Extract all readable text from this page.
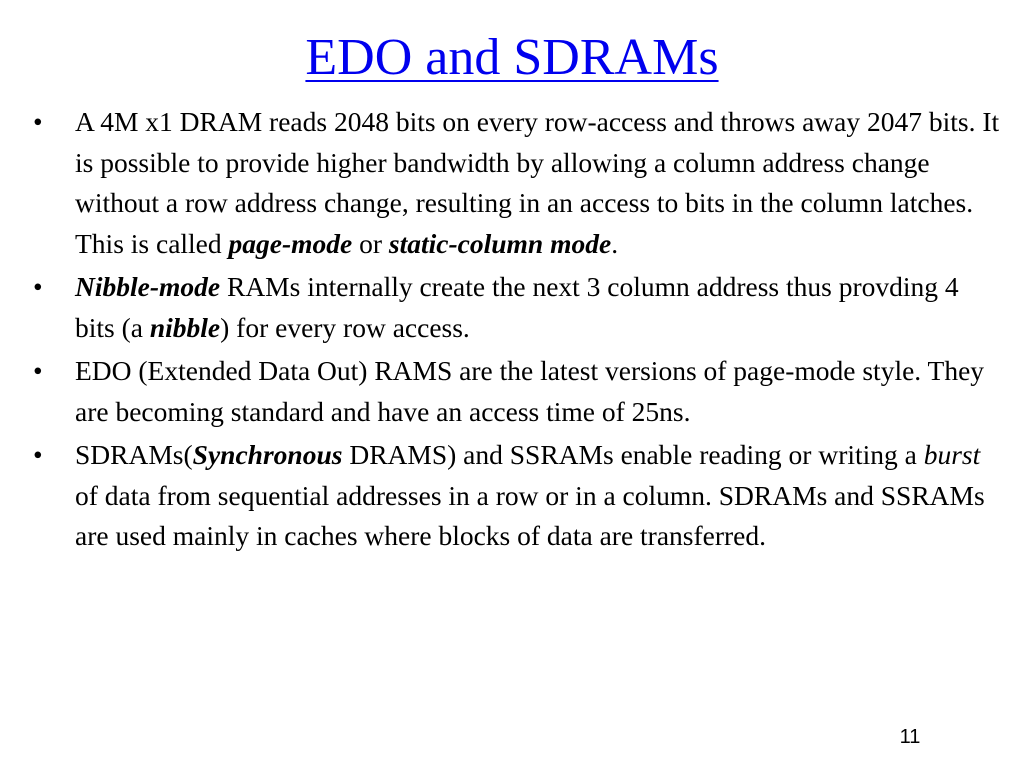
EDO and SDRAMs
• A 4M x1 DRAM reads 2048 bits on every row-access and throws away 2047 bits. It is possible to provide higher bandwidth by allowing a column address change without a row address change, resulting in an access to bits in the column latches. This is called page-mode or static-column mode.
• Nibble-mode RAMs internally create the next 3 column address thus provding 4 bits (a nibble) for every row access.
• EDO (Extended Data Out) RAMS are the latest versions of page-mode style. They are becoming standard and have an access time of 25ns.
• SDRAMs(Synchronous DRAMS) and SSRAMs enable reading or writing a burst of data from sequential addresses in a row or in a column. SDRAMs and SSRAMs are used mainly in caches where blocks of data are transferred.
11
